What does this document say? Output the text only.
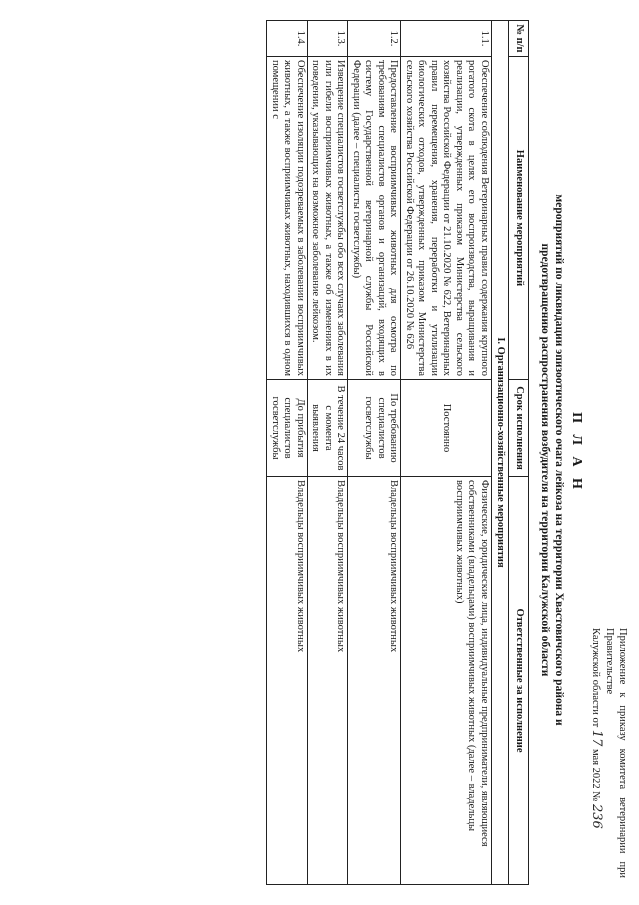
Приложение к приказу комитета ветеринарии при Правительстве
Калужской области от 17 мая 2022 № 236
П Л А Н
мероприятий по ликвидации эпизоотического очага лейкоза на территории Хвастовичского района и предотвращению распространения возбудителя на территории Калужской области
№ п/п	Наименование мероприятий	Срок исполнения	Ответственные за исполнение
I. Организационно-хозяйственные мероприятия			
1.1.	Обеспечение соблюдения Ветеринарных правил содержания крупного рогатого скота в целях его воспроизводства, выращивания и реализации, утвержденных приказом Министерства сельского хозяйства Российской Федерации от 21.10.2020 № 622, Ветеринарных правил перемещения, хранения, переработки и утилизации биологических отходов, утвержденных приказом Министерства сельского хозяйства Российской Федерации от 26.10.2020 № 626	Постоянно	Физические, юридические лица, индивидуальные предприниматели, являющиеся собственниками (владельцами) восприимчивых животных (далее – владельцы восприимчивых животных)
1.2.	Предоставление восприимчивых животных для осмотра по требованиям специалистов органов и организаций, входящих в систему Государственной ветеринарной службы Российской Федерации (далее – специалисты госветслужбы)	По требованию специалистов госветслужбы	Владельцы восприимчивых животных
1.3.	Извещение специалистов госветслужбы обо всех случаях заболевания или гибели восприимчивых животных, а также об изменениях в их поведении, указывающих на возможное заболевание лейкозом.	В течение 24 часов с момента выявления	Владельцы восприимчивых животных
1.4.	Обеспечение изоляции подозреваемых в заболевании восприимчивых животных, а также восприимчивых животных, находившихся в одном помещении с	До прибытия специалистов госветслужбы	Владельцы восприимчивых животных
